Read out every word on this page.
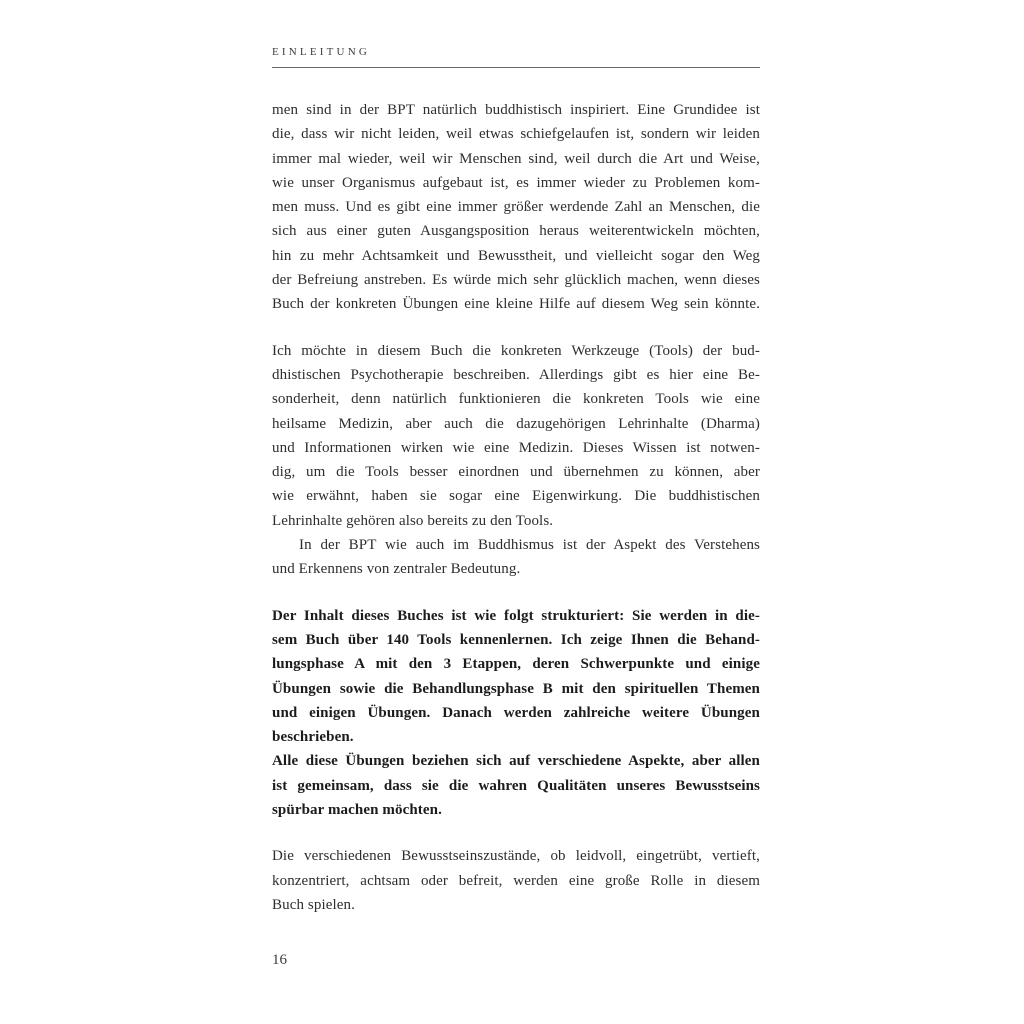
EINLEITUNG
men sind in der BPT natürlich buddhistisch inspiriert. Eine Grundidee ist
die, dass wir nicht leiden, weil etwas schiefgelaufen ist, sondern wir leiden
immer mal wieder, weil wir Menschen sind, weil durch die Art und Weise,
wie unser Organismus aufgebaut ist, es immer wieder zu Problemen kom-
men muss. Und es gibt eine immer größer werdende Zahl an Menschen, die
sich aus einer guten Ausgangsposition heraus weiterentwickeln möchten,
hin zu mehr Achtsamkeit und Bewusstheit, und vielleicht sogar den Weg
der Befreiung anstreben. Es würde mich sehr glücklich machen, wenn dieses
Buch der konkreten Übungen eine kleine Hilfe auf diesem Weg sein könnte.
Ich möchte in diesem Buch die konkreten Werkzeuge (Tools) der bud-
dhistischen Psychotherapie beschreiben. Allerdings gibt es hier eine Be-
sonderheit, denn natürlich funktionieren die konkreten Tools wie eine
heilsame Medizin, aber auch die dazugehörigen Lehrinhalte (Dharma)
und Informationen wirken wie eine Medizin. Dieses Wissen ist notwen-
dig, um die Tools besser einordnen und übernehmen zu können, aber
wie erwähnt, haben sie sogar eine Eigenwirkung. Die buddhistischen
Lehrinhalte gehören also bereits zu den Tools.
In der BPT wie auch im Buddhismus ist der Aspekt des Verstehens
und Erkennens von zentraler Bedeutung.
Der Inhalt dieses Buches ist wie folgt strukturiert: Sie werden in die-
sem Buch über 140 Tools kennenlernen. Ich zeige Ihnen die Behand-
lungsphase A mit den 3 Etappen, deren Schwerpunkte und einige
Übungen sowie die Behandlungsphase B mit den spirituellen Themen
und einigen Übungen. Danach werden zahlreiche weitere Übungen
beschrieben.
Alle diese Übungen beziehen sich auf verschiedene Aspekte, aber allen
ist gemeinsam, dass sie die wahren Qualitäten unseres Bewusstseins
spürbar machen möchten.
Die verschiedenen Bewusstseinszustände, ob leidvoll, eingetrübt, vertieft,
konzentriert, achtsam oder befreit, werden eine große Rolle in diesem
Buch spielen.
16
